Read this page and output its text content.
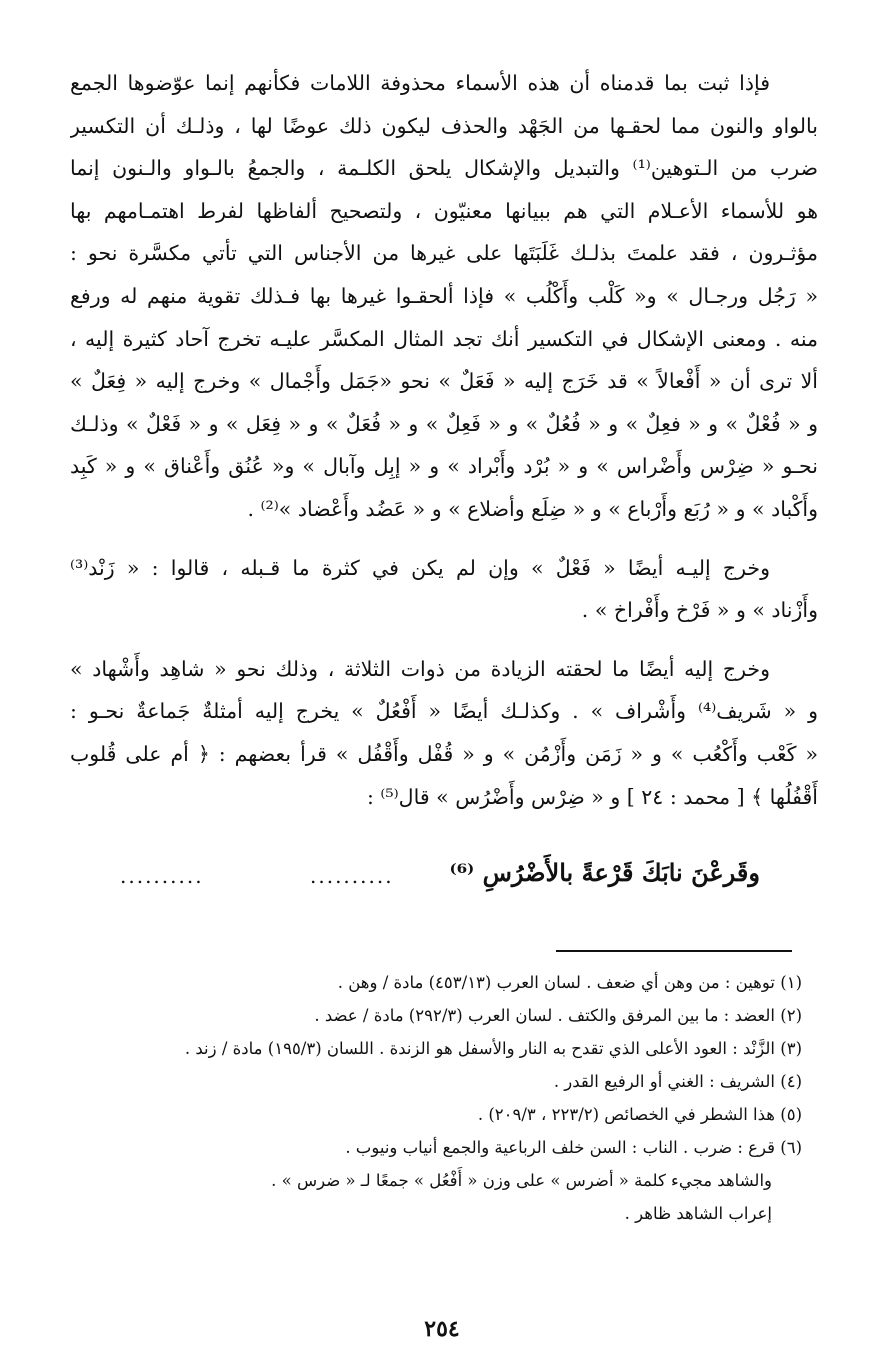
فإذا ثبت بما قدمناه أن هذه الأسماء محذوفة اللامات فكأنهم إنما عوّضوها الجمع
بالواو والنون مما لحقـها من الجَهْد والحذف ليكون ذلك عوضًا لها ، وذلـك أن التكسير
ضرب من الـتوهين⁽¹⁾ والتبديل والإشكال يلحق الكلـمة ، والجمعُ بالـواو والـنون إنما
هو للأسماء الأعـلام التي هم ببيانها معنيّون ، ولتصحيح ألفاظها لفرط اهتمـامهم بها
مؤثـرون ، فقد علمتَ بذلـك غَلَبَتَها على غيرها من الأجناس التي تأتي مكسَّرة نحو :
« رَجُل ورجـال » و« كَلْب وأَكْلُب » فإذا ألحقـوا غيرها بها فـذلك تقوية منهم له ورفع
منه . ومعنى الإشكال في التكسير أنك تجد المثال المكسَّر عليـه تخرج آحاد كثيرة إليه ،
ألا ترى أن « أَفْعالاً » قد خَرَج إليه « فَعَلٌ » نحو «جَمَل وأَجْمال » وخرج إليه « فِعَلٌ »
و « فُعْلٌ » و « فعِلٌ » و « فُعُلٌ » و « فَعِلٌ » و « فُعَلٌ » و « فِعَل » و « فَعْلٌ » وذلـك
نحـو « ضِرْس وأَضْراس » و « بُرْد وأَبْراد » و « إبِل وآبال » و« عُنُق وأَعْناق » و « كَبِد
وأَكْباد » و « رُبَع وأَرْباع » و « ضِلَع وأضلاع » و « عَضُد وأَعْضاد »⁽²⁾ .
وخرج إليـه أيضًا « فَعْلٌ » وإن لم يكن في كثرة ما قـبله ، قالوا : « زَنْد⁽³⁾
وأَزْناد » و « فَرْخ وأَفْراخ » .
وخرج إليه أيضًا ما لحقته الزيادة من ذوات الثلاثة ، وذلك نحو « شاهِد وأَشْهاد »
و « شَريف⁽⁴⁾ وأَشْراف » . وكذلـك أيضًا « أَفْعُلٌ » يخرج إليه أمثلةٌ جَماعةٌ نحـو :
« كَعْب وأَكْعُب » و « زَمَن وأَزْمُن » و « قُفْل وأَقْفُل » قرأ بعضهم : ﴿ أم على قُلوب
أَقْفُلُها ﴾ [ محمد : ٢٤ ] و « ضِرْس وأَضْرُس » قال⁽⁵⁾ :
وقَرعْنَ نابَكَ قَرْعةً بالأَضْرُسِ ⁽⁶⁾
..........
..........
(١) توهين : من وهن أي ضعف . لسان العرب (٤٥٣/١٣) مادة / وهن .
(٢) العضد : ما بين المرفق والكتف . لسان العرب (٢٩٢/٣) مادة / عضد .
(٣) الزَّنْد : العود الأعلى الذي تقدح به النار والأسفل هو الزندة . اللسان (١٩٥/٣) مادة / زند .
(٤) الشريف : الغني أو الرفيع القدر .
(٥) هذا الشطر في الخصائص (٢٢٣/٢ ، ٢٠٩/٣) .
(٦) قرع : ضرب . الناب : السن خلف الرباعية والجمع أنياب ونيوب .
والشاهد مجيء كلمة « أضرس » على وزن « أَفْعُل » جمعًا لـ « ضرس » .
إعراب الشاهد ظاهر .
٢٥٤
